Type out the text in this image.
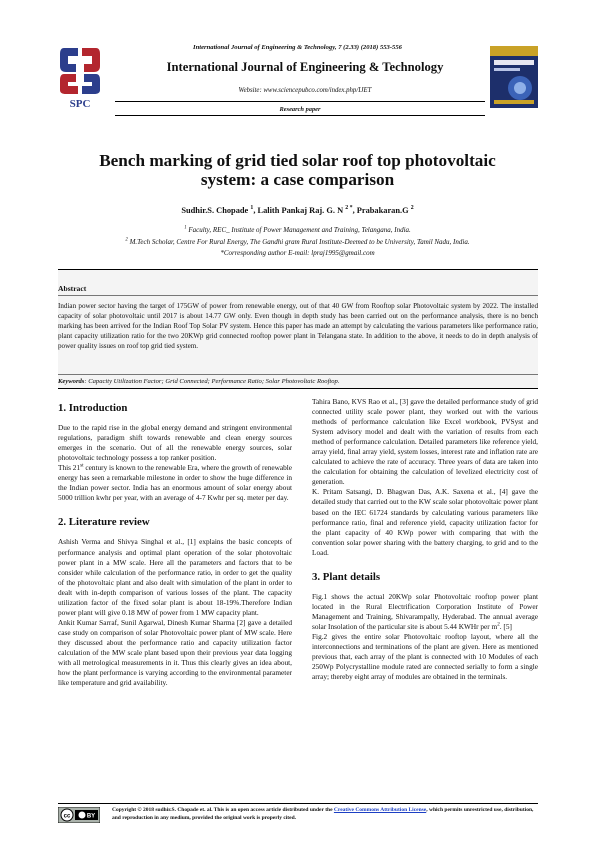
International Journal of Engineering & Technology, 7 (2.33) (2018) 553-556
SPC
International Journal of Engineering & Technology
Website: www.sciencepubco.com/index.php/IJET
Research paper
Bench marking of grid tied solar roof top photovoltaic
system: a case comparison
Sudhir.S. Chopade $^1$, Lalith Pankaj Raj. G. N $^{2 *}$, Prabakaran.G $^2$
$^1$ Faculty, REC_ Institute of Power Management and Training, Telangana, India.
$^2$ M.Tech Scholar, Centre For Rural Energy, The Gandhi gram Rural Institute-Deemed to be University, Tamil Nadu, India.
*Corresponding author E-mail: lpraj1995@gmail.com
Abstract
Indian power sector having the target of 175GW of power from renewable energy, out of that 40 GW from Rooftop solar Photovoltaic system by 2022. The installed capacity of solar photovoltaic until 2017 is about 14.77 GW only. Even though in depth study has been carried out on the performance analysis, there is no bench marking has been arrived for the Indian Roof Top Solar PV system. Hence this paper has made an attempt by calculating the various parameters like performance ratio, plant capacity utilization ratio for the two 20KWp grid connected rooftop power plant in Telangana state. In addition to the above, it needs to do in depth analysis of power quality issues on roof top grid tied system.
Keywords: Capacity Utilization Factor; Grid Connected; Performance Ratio; Solar Photovoltaic Rooftop.
1. Introduction

Due to the rapid rise in the global energy demand and stringent environmental regulations, paradigm shift towards renewable and clean energy sources emerges in the scenario. Out of all the renewable energy sources, solar photovoltaic technology possess a top ranker position.

This 21st century is known to the renewable Era, where the growth of renewable energy has seen a remarkable milestone in order to show the huge difference in the Indian power sector. India has an enormous amount of solar energy about 5000 trillion kwhr per year, with an average of 4-7 Kwhr per sq. meter per day.

2. Literature review

Ashish Verma and Shivya Singhal et al., [1] explains the basic concepts of performance analysis and optimal plant operation of the solar photovoltaic power plant in a MW scale. Here all the parameters and factors that to be consider while calculation of the performance ratio, in order to get the quality of the photovoltaic plant and also dealt with simulation of the plant in order to dealt with in-depth comparison of various losses of the plant. The capacity utilization factor of the fixed solar plant is about 18-19%.Therefore Indian power plant will give 0.18 MW of power from 1 MW capacity plant.

Ankit Kumar Sarraf, Sunil Agarwal, Dinesh Kumar Sharma [2] gave a detailed case study on comparison of solar Photovoltaic power plant of MW scale. Here they discussed about the performance ratio and capacity utilization factor calculation of the MW scale plant based upon their previous year data logging with all metrological measurements in it. Thus this clearly gives an idea about, how the plant performance is varying according to the environmental parameter like temperature and grid availability.

Tahira Bano, KVS Rao et al., [3] gave the detailed performance study of grid connected utility scale power plant, they worked out with the various methods of performance calculation like Excel workbook, PVSyst and System advisory model and dealt with the variation of results from each method of performance calculation. Detailed parameters like reference yield, array yield, final array yield, system losses, interest rate and inflation rate are calculated to achieve the rate of accuracy. Three years of data are taken into the calculation for obtaining the calculation of levelized electricity cost of generation.

K. Pritam Satsangi, D. Bhagwan Das, A.K. Saxena et al., [4] gave the detailed study that carried out to the KW scale solar photovoltaic power plant based on the IEC 61724 standards by calculating various parameters like performance ratio, final and reference yield, capacity utilization factor for the plant capacity of 40 KWp power with comparing that with the convention solar power sharing with the battery charging, to grid and to the Load.

3. Plant details

Fig.1 shows the actual 20KWp solar Photovoltaic rooftop power plant located in the Rural Electrification Corporation Institute of Power Management and Training, Shivarampally, Hyderabad. The annual average solar Insolation of the particular site is about 5.44 KWHr per $m^2$. [5]

Fig.2 gives the entire solar Photovoltaic rooftop layout, where all the interconnections and terminations of the plant are given. Here as mentioned previous that, each array of the plant is connected with 10 Modules of each 250Wp Polycrystalline module rated are connected serially to form a single array; thereby eight array of modules are obtained in the terminals.

cc	BY
Copyright © 2018 sudhir.S. Chopade et. al. This is an open access article distributed under the Creative Commons Attribution License, which permits unrestricted use, distribution, and reproduction in any medium, provided the original work is properly cited.
